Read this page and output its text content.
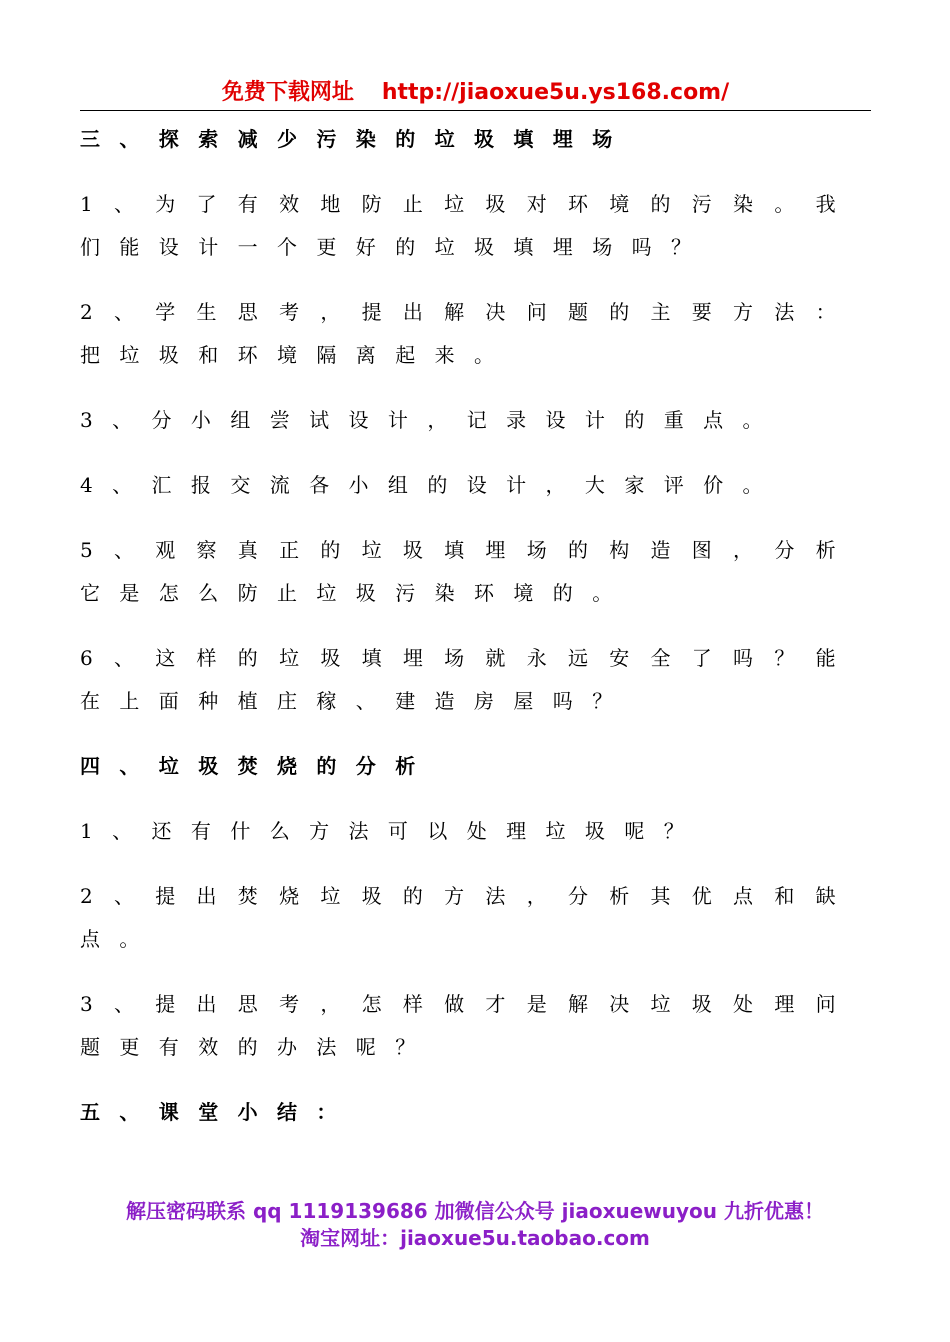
免费下载网址 http://jiaoxue5u.ys168.com/

三、探索减少污染的垃圾填埋场

1、为了有效地防止垃圾对环境的污染。我们能设计一个更好的垃圾填埋场吗？

2、学生思考，提出解决问题的主要方法：把垃圾和环境隔离起来。

3、分小组尝试设计，记录设计的重点。

4、汇报交流各小组的设计，大家评价。

5、观察真正的垃圾填埋场的构造图，分析它是怎么防止垃圾污染环境的。

6、这样的垃圾填埋场就永远安全了吗？能在上面种植庄稼、建造房屋吗？

四、垃圾焚烧的分析

1、还有什么方法可以处理垃圾呢？

2、提出焚烧垃圾的方法，分析其优点和缺点。

3、提出思考，怎样做才是解决垃圾处理问题更有效的办法呢？

五、课堂小结：

解压密码联系 qq 1119139686 加微信公众号 jiaoxuewuyou 九折优惠！
淘宝网址：jiaoxue5u.taobao.com
